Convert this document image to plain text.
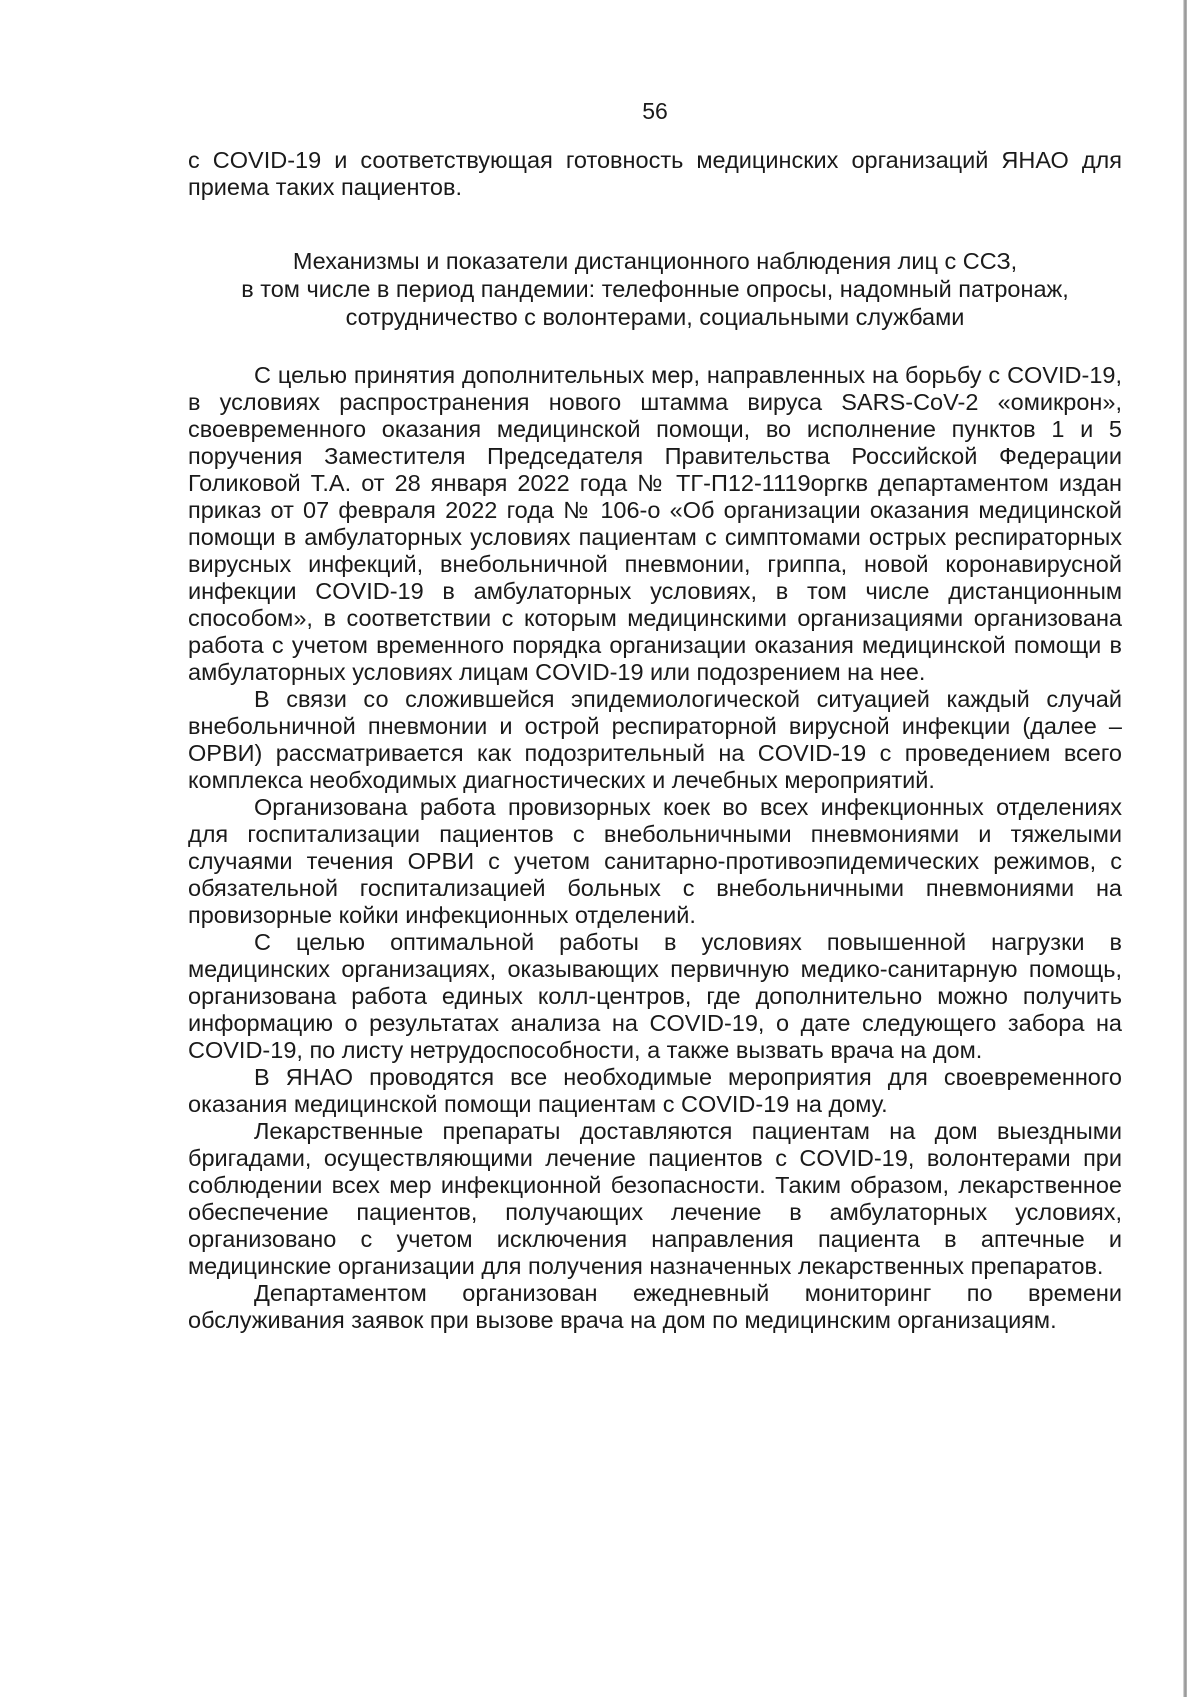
56

с COVID-19 и соответствующая готовность медицинских организаций ЯНАО для приема таких пациентов.

Механизмы и показатели дистанционного наблюдения лиц с ССЗ,
в том числе в период пандемии: телефонные опросы, надомный патронаж,
сотрудничество с волонтерами, социальными службами

С целью принятия дополнительных мер, направленных на борьбу с COVID-19, в условиях распространения нового штамма вируса SARS-CoV-2 «омикрон», своевременного оказания медицинской помощи, во исполнение пунктов 1 и 5 поручения Заместителя Председателя Правительства Российской Федерации Голиковой Т.А. от 28 января 2022 года № ТГ-П12-1119оргкв департаментом издан приказ от 07 февраля 2022 года № 106-о «Об организации оказания медицинской помощи в амбулаторных условиях пациентам с симптомами острых респираторных вирусных инфекций, внебольничной пневмонии, гриппа, новой коронавирусной инфекции COVID-19 в амбулаторных условиях, в том числе дистанционным способом», в соответствии с которым медицинскими организациями организована работа с учетом временного порядка организации оказания медицинской помощи в амбулаторных условиях лицам COVID-19 или подозрением на нее.

В связи со сложившейся эпидемиологической ситуацией каждый случай внебольничной пневмонии и острой респираторной вирусной инфекции (далее – ОРВИ) рассматривается как подозрительный на COVID-19 с проведением всего комплекса необходимых диагностических и лечебных мероприятий.

Организована работа провизорных коек во всех инфекционных отделениях для госпитализации пациентов с внебольничными пневмониями и тяжелыми случаями течения ОРВИ с учетом санитарно-противоэпидемических режимов, с обязательной госпитализацией больных с внебольничными пневмониями на провизорные койки инфекционных отделений.

С целью оптимальной работы в условиях повышенной нагрузки в медицинских организациях, оказывающих первичную медико-санитарную помощь, организована работа единых колл-центров, где дополнительно можно получить информацию о результатах анализа на COVID-19, о дате следующего забора на COVID-19, по листу нетрудоспособности, а также вызвать врача на дом.

В ЯНАО проводятся все необходимые мероприятия для своевременного оказания медицинской помощи пациентам с COVID-19 на дому.

Лекарственные препараты доставляются пациентам на дом выездными бригадами, осуществляющими лечение пациентов с COVID-19, волонтерами при соблюдении всех мер инфекционной безопасности. Таким образом, лекарственное обеспечение пациентов, получающих лечение в амбулаторных условиях, организовано с учетом исключения направления пациента в аптечные и медицинские организации для получения назначенных лекарственных препаратов.

Департаментом организован ежедневный мониторинг по времени обслуживания заявок при вызове врача на дом по медицинским организациям.
